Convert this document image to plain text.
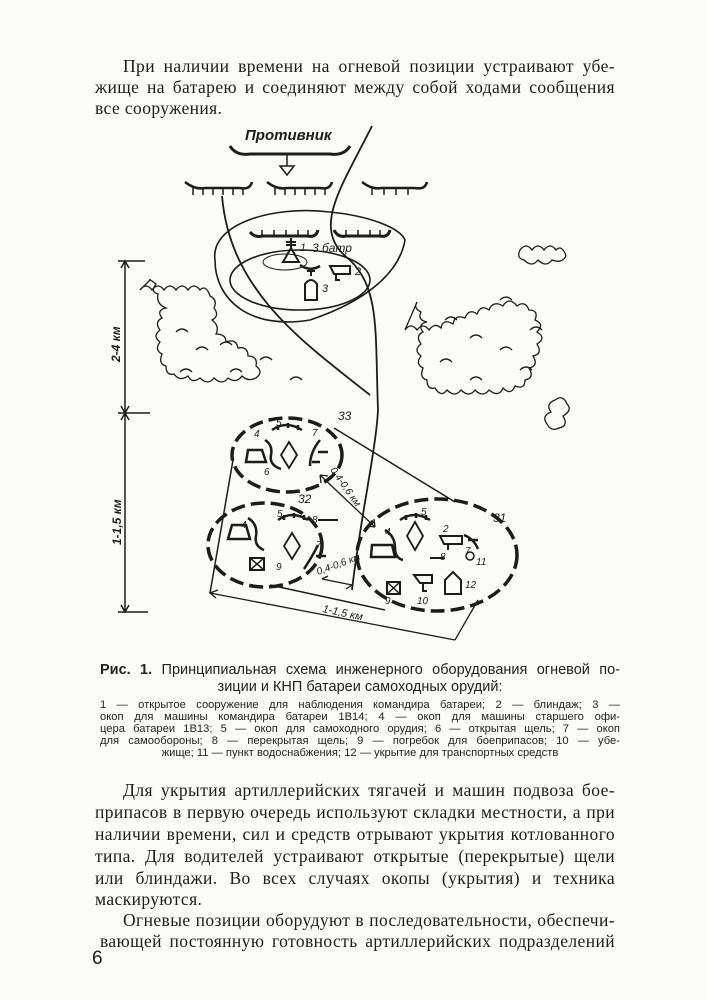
При наличии времени на огневой позиции устраивают убе-
жище на батарею и соединяют между собой ходами сообщения
все сооружения.
Противник
1 3 батр
2
3
2-4 км
1-1,5 км
33
32
31
4
5
6
7
4
5
8
7
9
4
5
2
7
8	11
9	10
12
0,4-0,6 км
0,4-0,6 км
1-1,5 км
Рис. 1. Принципиальная схема инженерного оборудования огневой по-
зиции и КНП батареи самоходных орудий:
1 — открытое сооружение для наблюдения командира батареи; 2 — блиндаж; 3 —
окоп для машины командира батареи 1В14; 4 — окоп для машины старшего офи-
цера батареи 1В13; 5 — окоп для самоходного орудия; 6 — открытая щель; 7 — окоп
для самообороны; 8 — перекрытая щель; 9 — погребок для боеприпасов; 10 — убе-
жище; 11 — пункт водоснабжения; 12 — укрытие для транспортных средств
Для укрытия артиллерийских тягачей и машин подвоза бое-
припасов в первую очередь используют складки местности, а при
наличии времени, сил и средств отрывают укрытия котлованного
типа. Для водителей устраивают открытые (перекрытые) щели
или блиндажи. Во всех случаях окопы (укрытия) и техника
маскируются.
Огневые позиции оборудуют в последовательности, обеспечи-
вающей постоянную готовность артиллерийских подразделений
6
